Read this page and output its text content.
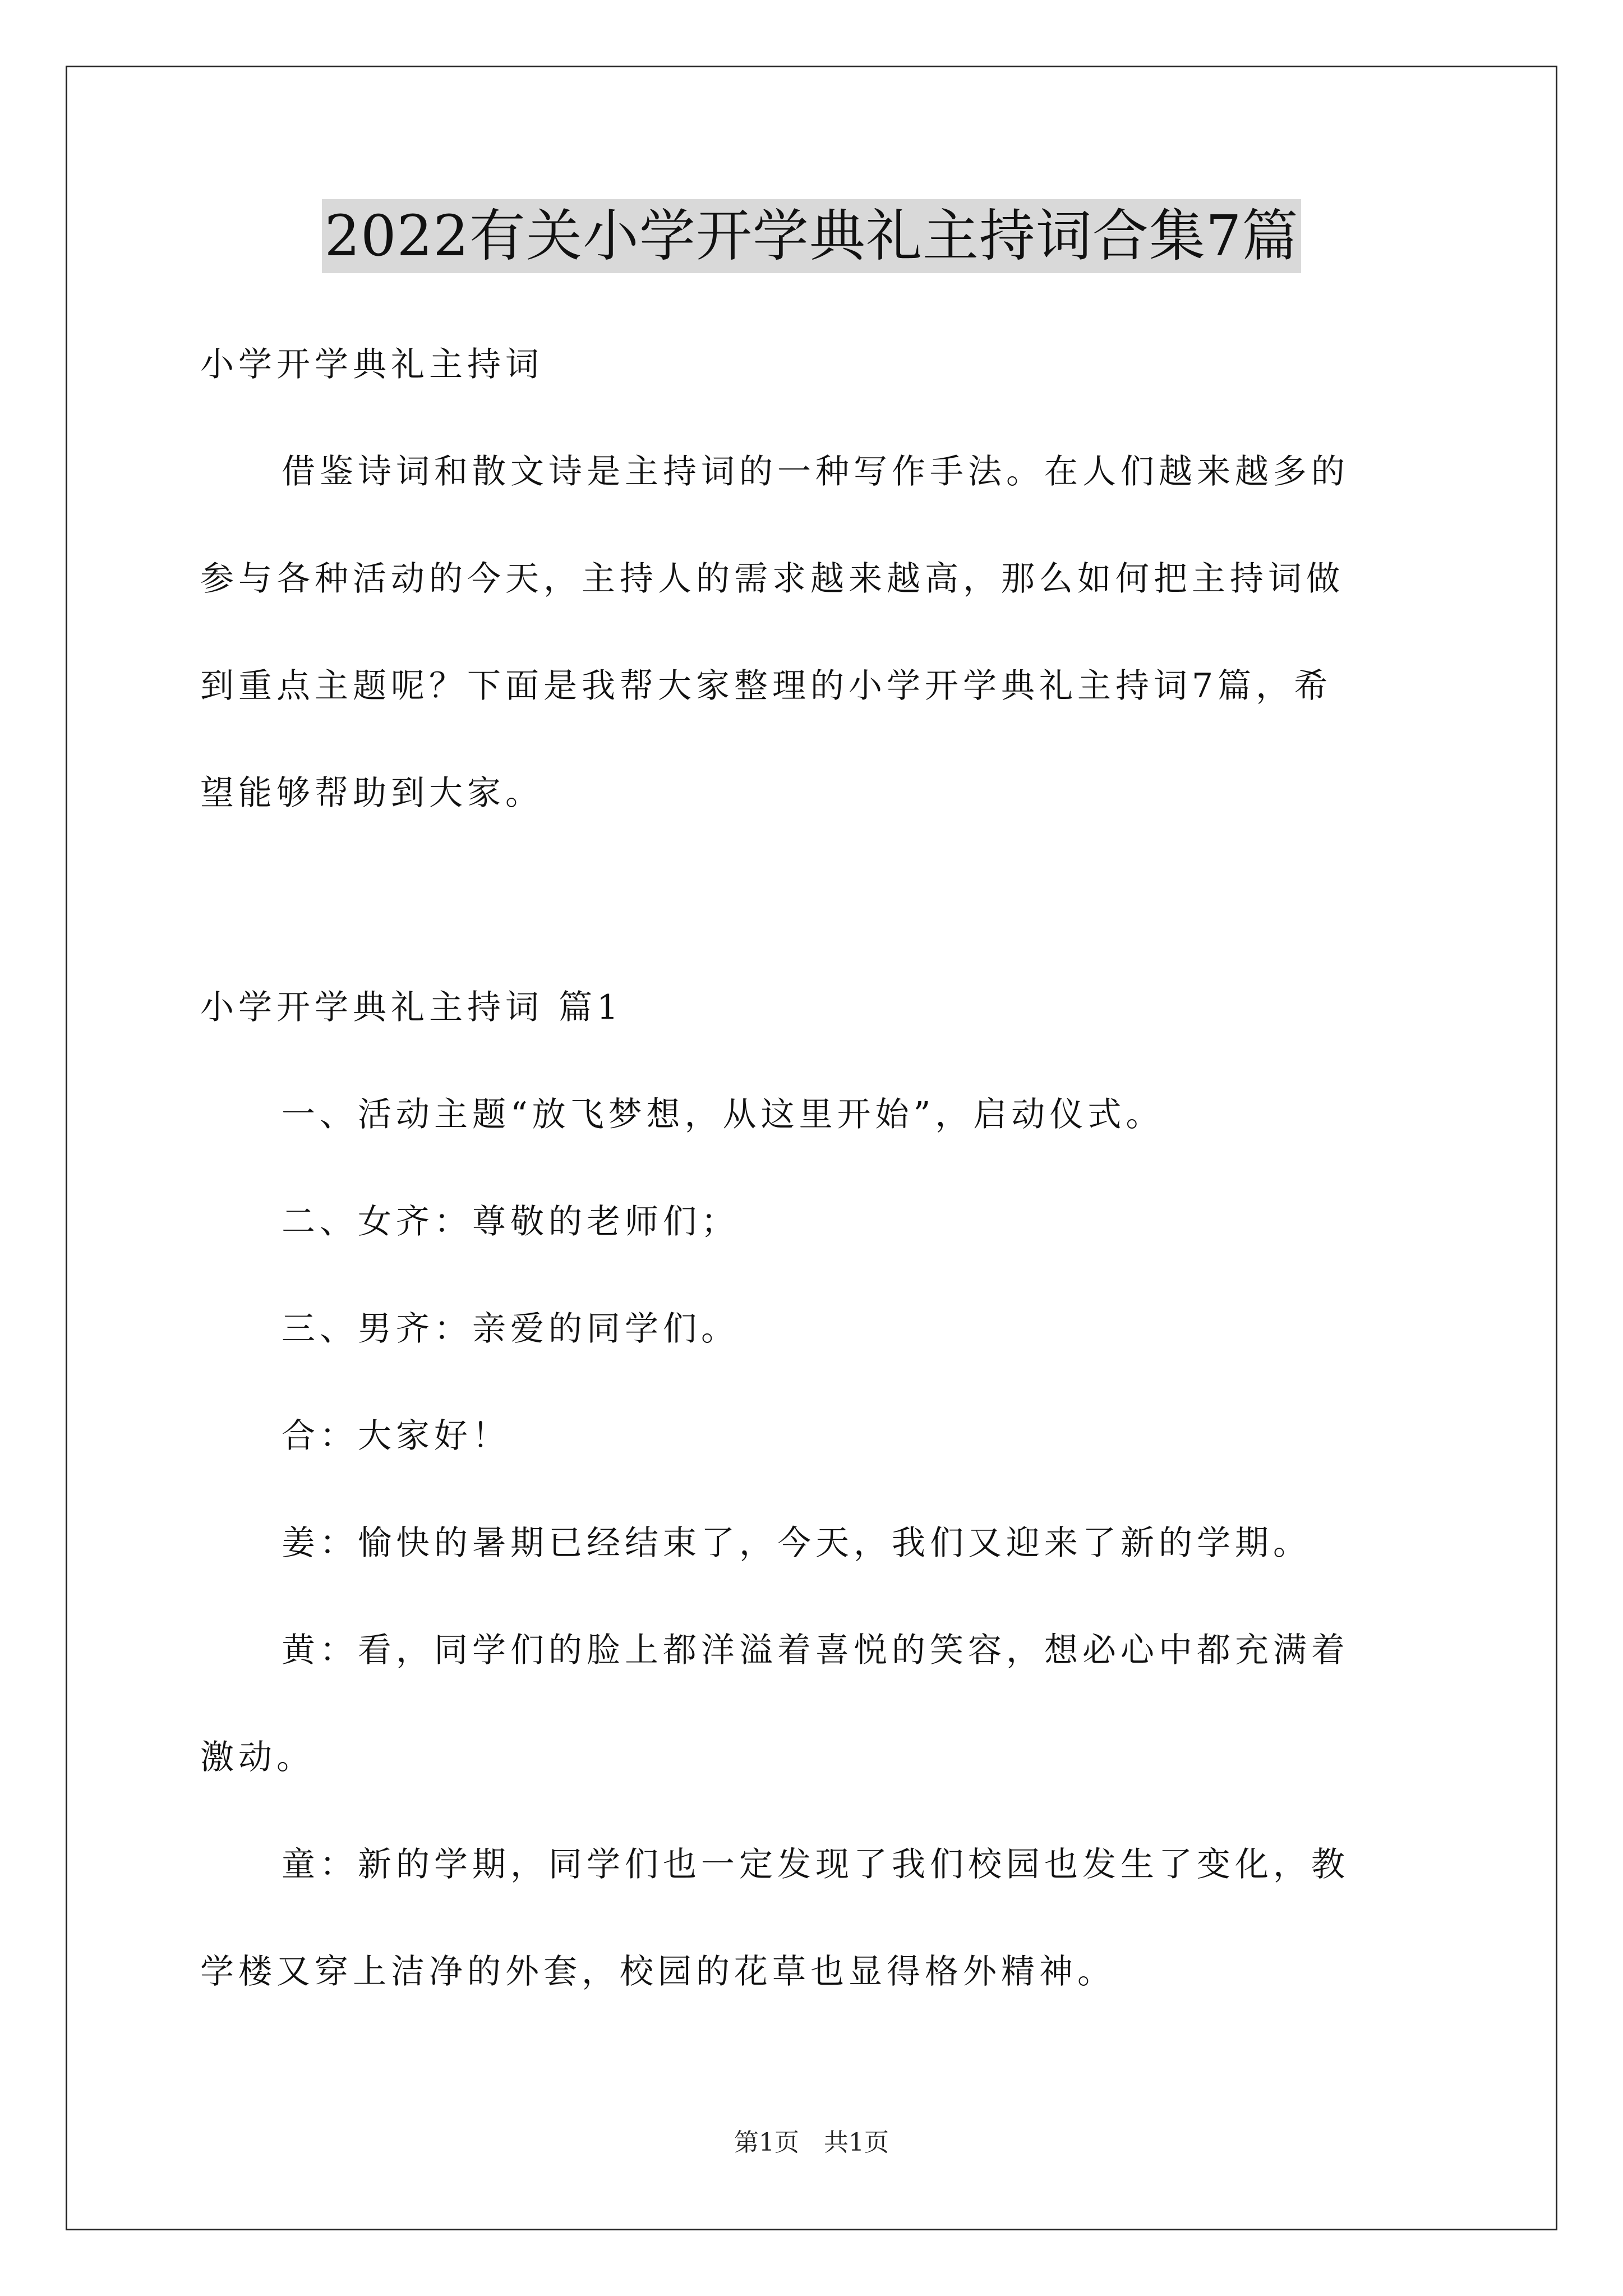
2022有关小学开学典礼主持词合集7篇
小学开学典礼主持词
借鉴诗词和散文诗是主持词的一种写作手法。在人们越来越多的
参与各种活动的今天，主持人的需求越来越高，那么如何把主持词做
到重点主题呢？下面是我帮大家整理的小学开学典礼主持词7篇，希
望能够帮助到大家。
小学开学典礼主持词 篇1
一、活动主题“放飞梦想，从这里开始”，启动仪式。
二、女齐：尊敬的老师们；
三、男齐：亲爱的同学们。
合：大家好！
姜：愉快的暑期已经结束了，今天，我们又迎来了新的学期。
黄：看，同学们的脸上都洋溢着喜悦的笑容，想必心中都充满着
激动。
童：新的学期，同学们也一定发现了我们校园也发生了变化，教
学楼又穿上洁净的外套，校园的花草也显得格外精神。
第1页　共1页
